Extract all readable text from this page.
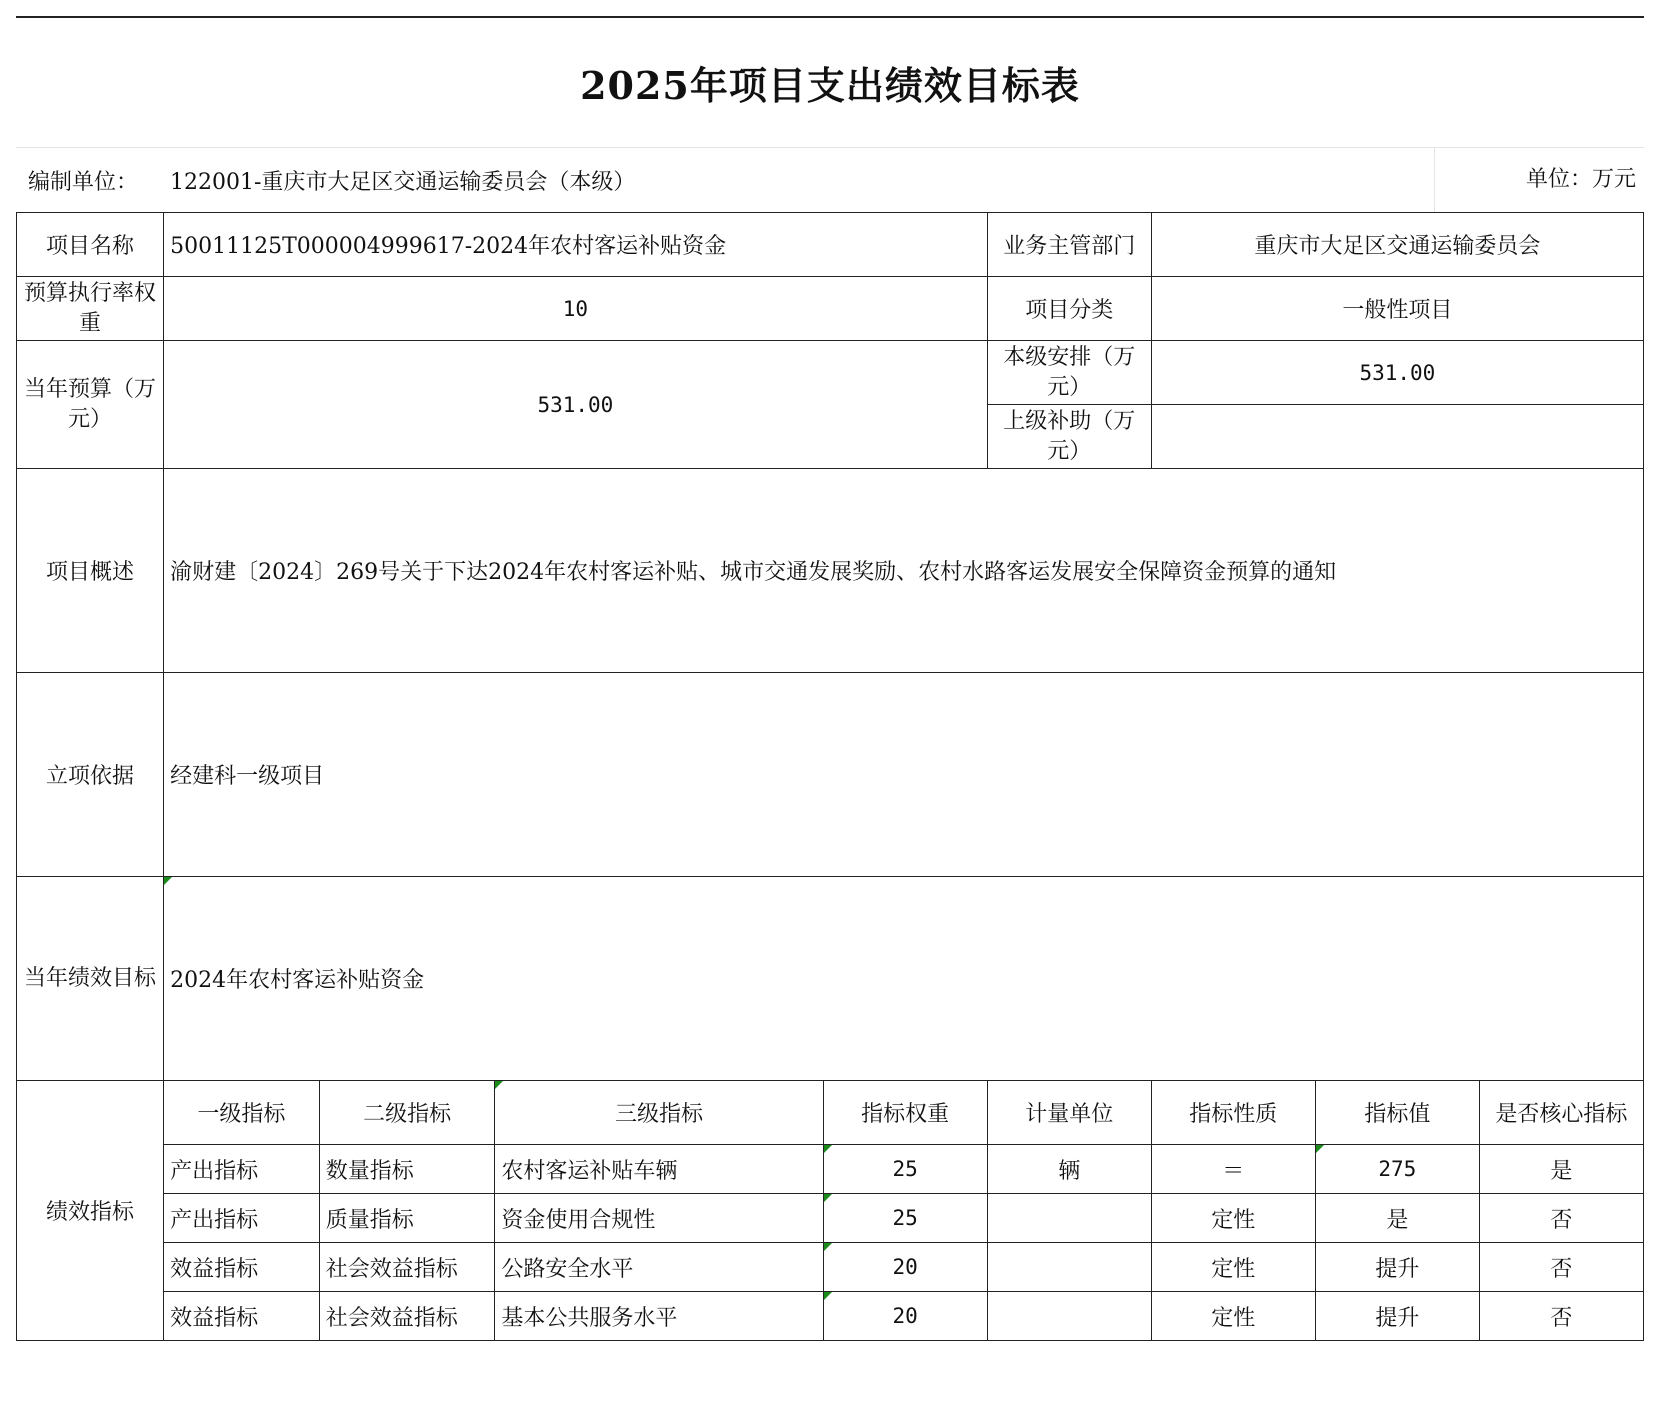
2025年项目支出绩效目标表
编制单位：	122001-重庆市大足区交通运输委员会（本级）	单位：万元
项目名称	50011125T000004999617-2024年农村客运补贴资金				业务主管部门	重庆市大足区交通运输委员会		
预算执行率权重	10				项目分类	一般性项目		
当年预算（万元）	531.00				本级安排（万元）	531.00		
					上级补助（万元）			
项目概述	渝财建〔2024〕269号关于下达2024年农村客运补贴、城市交通发展奖励、农村水路客运发展安全保障资金预算的通知							
立项依据	经建科一级项目							
当年绩效目标	2024年农村客运补贴资金							
绩效指标	一级指标	二级指标	三级指标	指标权重	计量单位	指标性质	指标值	是否核心指标
	产出指标	数量指标	农村客运补贴车辆	25	辆	＝	275	是
	产出指标	质量指标	资金使用合规性	25		定性	是	否
	效益指标	社会效益指标	公路安全水平	20		定性	提升	否
	效益指标	社会效益指标	基本公共服务水平	20		定性	提升	否
